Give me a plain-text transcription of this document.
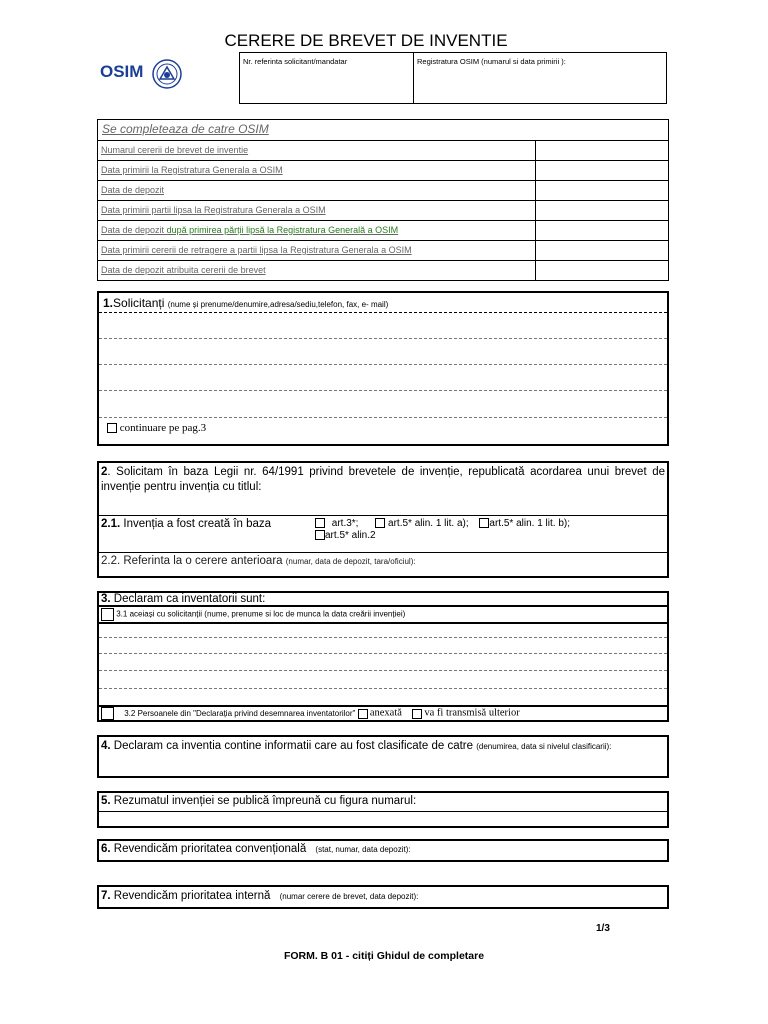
CERERE DE BREVET DE INVENTIE
OSIM
Nr. referinta solicitant/mandatar	Registratura OSIM (numarul si data primirii ):
Se completeaza de catre OSIM
Numarul cererii de brevet de inventie
Data primirii la Registratura Generala a OSIM
Data de depozit
Data primirii partii lipsa la Registratura Generala a OSIM
Data de depozit după primirea părții lipsă la Registratura Generală a OSIM
Data primirii cererii de retragere a partii lipsa la Registratura Generala a OSIM
Data de depozit atribuita cererii de brevet
1.Solicitanți (nume și prenume/denumire,adresa/sediu,telefon, fax, e- mail)
continuare pe pag.3
2. Solicitam în baza Legii nr. 64/1991 privind brevetele de invenție, republicată acordarea unui brevet de invenție pentru invenția cu titlul:
2.1. Invenția a fost creată în baza	art.3*;	art.5* alin. 1 lit. a); art.5* alin. 1 lit. b);
art.5* alin.2
2.2. Referinta la o cerere anterioara (numar, data de depozit, tara/oficiul):
3. Declaram ca inventatorii sunt:
3.1 aceiași cu solicitanții (nume, prenume si loc de munca la data creării invenției)
3.2 Persoanele din "Declarația privind desemnarea inventatorilor" anexată va fi transmisă ulterior
4. Declaram ca inventia contine informatii care au fost clasificate de catre (denumirea, data si nivelul clasificarii):
5. Rezumatul invenției se publică împreună cu figura numarul:
6. Revendicăm prioritatea convențională (stat, numar, data depozit):
7. Revendicăm prioritatea internă (numar cerere de brevet, data depozit):
1/3
FORM. B 01 - citiți Ghidul de completare
